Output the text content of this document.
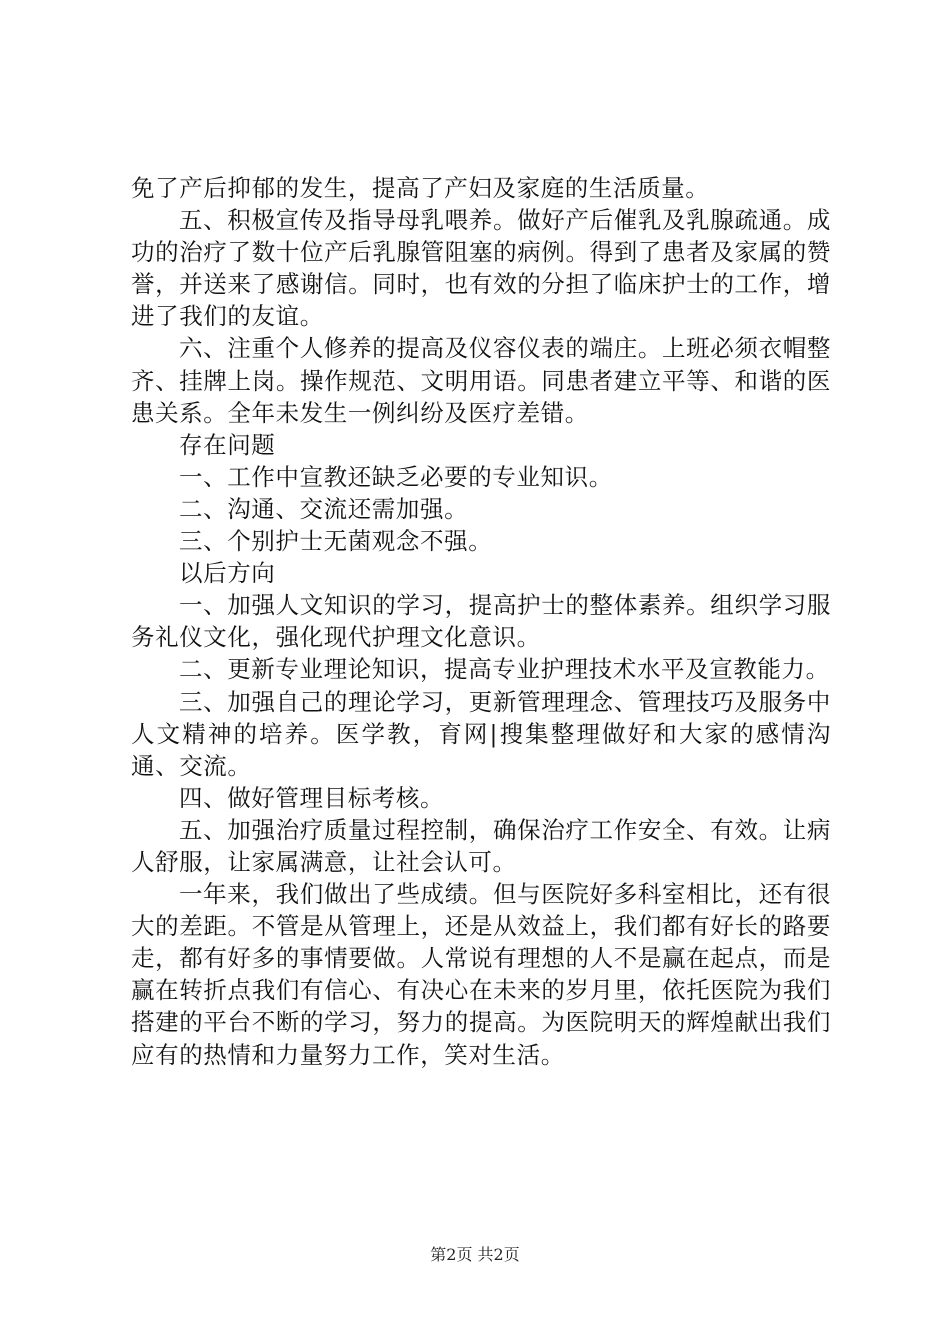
免了产后抑郁的发生，提高了产妇及家庭的生活质量。

五、积极宣传及指导母乳喂养。做好产后催乳及乳腺疏通。成功的治疗了数十位产后乳腺管阻塞的病例。得到了患者及家属的赞誉，并送来了感谢信。同时，也有效的分担了临床护士的工作，增进了我们的友谊。

六、注重个人修养的提高及仪容仪表的端庄。上班必须衣帽整齐、挂牌上岗。操作规范、文明用语。同患者建立平等、和谐的医患关系。全年未发生一例纠纷及医疗差错。

存在问题

一、工作中宣教还缺乏必要的专业知识。

二、沟通、交流还需加强。

三、个别护士无菌观念不强。

以后方向

一、加强人文知识的学习，提高护士的整体素养。组织学习服务礼仪文化，强化现代护理文化意识。

二、更新专业理论知识，提高专业护理技术水平及宣教能力。

三、加强自己的理论学习，更新管理理念、管理技巧及服务中人文精神的培养。医学教，育网|搜集整理做好和大家的感情沟通、交流。

四、做好管理目标考核。

五、加强治疗质量过程控制，确保治疗工作安全、有效。让病人舒服，让家属满意，让社会认可。

一年来，我们做出了些成绩。但与医院好多科室相比，还有很大的差距。不管是从管理上，还是从效益上，我们都有好长的路要走，都有好多的事情要做。人常说有理想的人不是赢在起点，而是赢在转折点我们有信心、有决心在未来的岁月里，依托医院为我们搭建的平台不断的学习，努力的提高。为医院明天的辉煌献出我们应有的热情和力量努力工作，笑对生活。

第2页 共2页
